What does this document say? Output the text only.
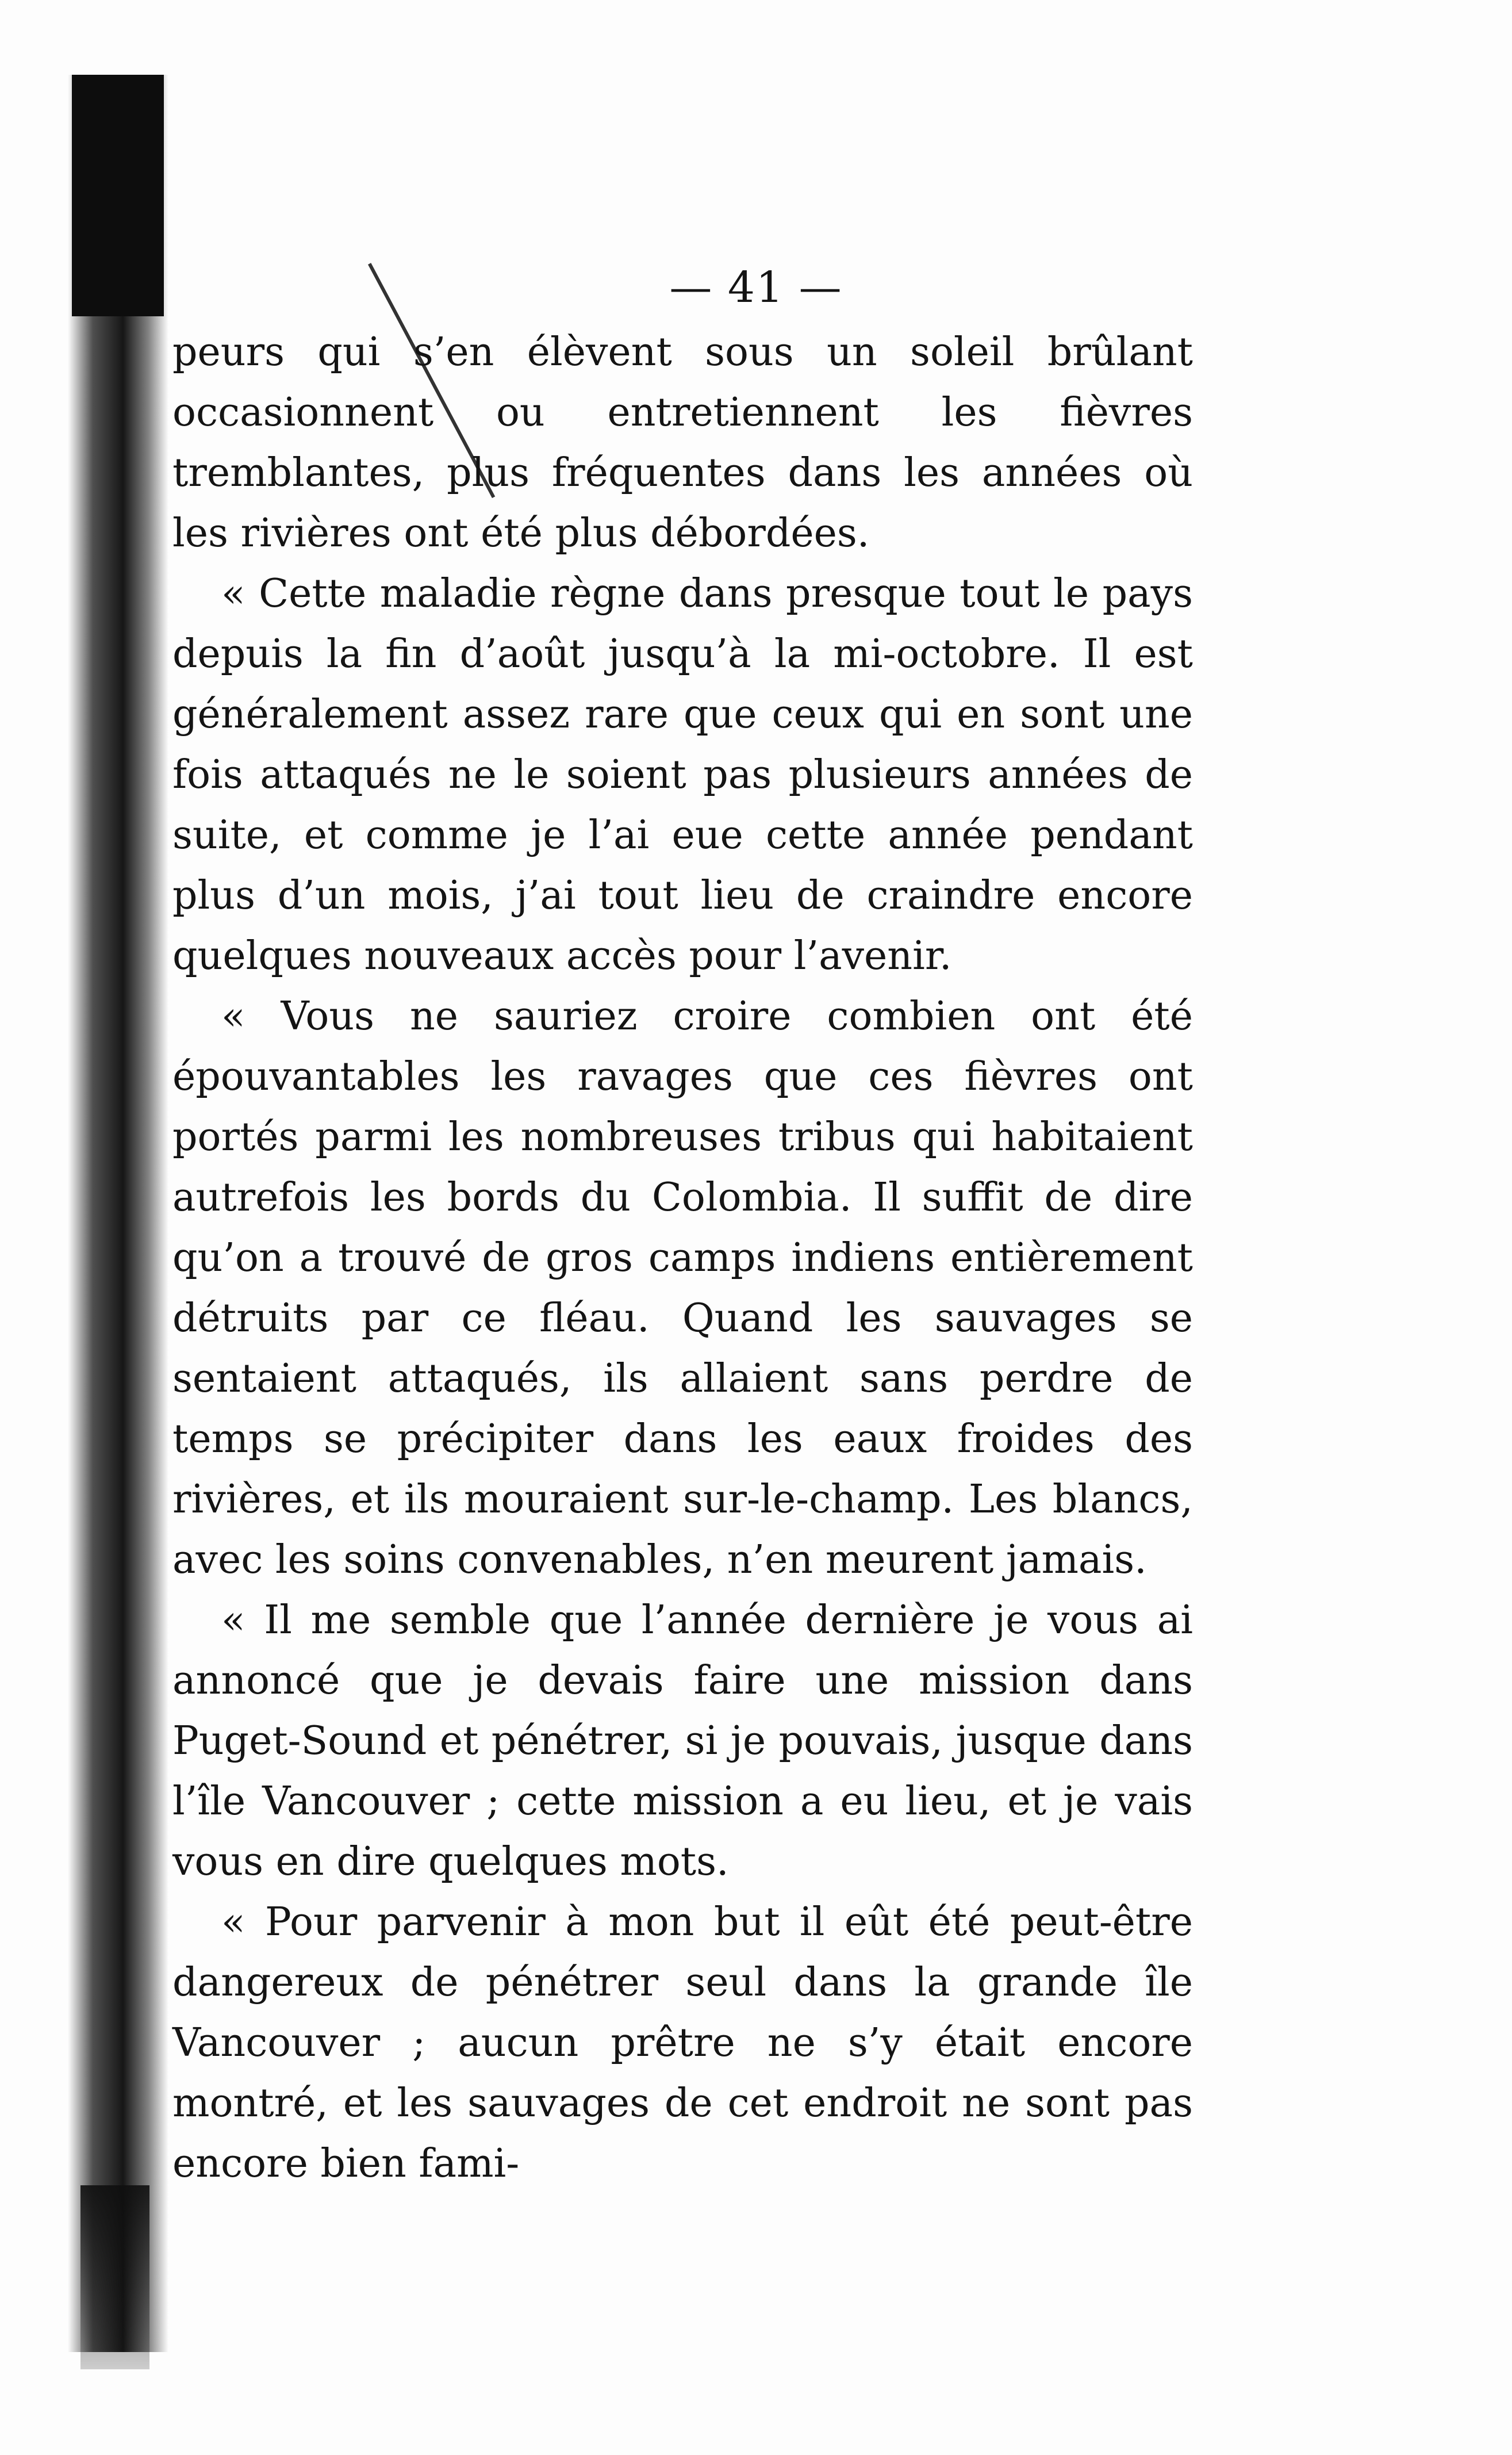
— 41 —

peurs qui s’en élèvent sous un soleil brûlant occasionnent ou entretiennent les fièvres tremblantes, plus fréquentes dans les années où les rivières ont été plus débordées.

« Cette maladie règne dans presque tout le pays depuis la fin d’août jusqu’à la mi-octobre. Il est généralement assez rare que ceux qui en sont une fois attaqués ne le soient pas plusieurs années de suite, et comme je l’ai eue cette année pendant plus d’un mois, j’ai tout lieu de craindre encore quelques nouveaux accès pour l’avenir.

« Vous ne sauriez croire combien ont été épouvantables les ravages que ces fièvres ont portés parmi les nombreuses tribus qui habitaient autrefois les bords du Colombia. Il suffit de dire qu’on a trouvé de gros camps indiens entièrement détruits par ce fléau. Quand les sauvages se sentaient attaqués, ils allaient sans perdre de temps se précipiter dans les eaux froides des rivières, et ils mouraient sur-le-champ. Les blancs, avec les soins convenables, n’en meurent jamais.

« Il me semble que l’année dernière je vous ai annoncé que je devais faire une mission dans Puget-Sound et pénétrer, si je pouvais, jusque dans l’île Vancouver ; cette mission a eu lieu, et je vais vous en dire quelques mots.

« Pour parvenir à mon but il eût été peut-être dangereux de pénétrer seul dans la grande île Vancouver ; aucun prêtre ne s’y était encore montré, et les sauvages de cet endroit ne sont pas encore bien fami-
